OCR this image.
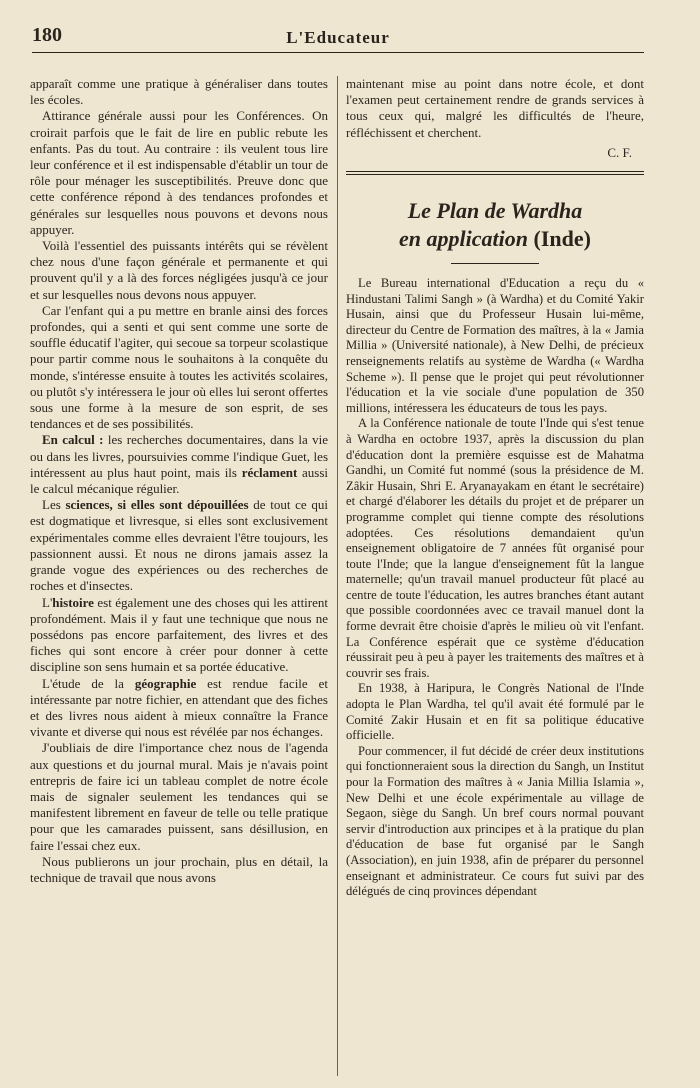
180	L'Educateur

apparaît comme une pratique à généraliser dans toutes les écoles.

Attirance générale aussi pour les Conférences. On croirait parfois que le fait de lire en public rebute les enfants. Pas du tout. Au contraire : ils veulent tous lire leur conférence et il est indispensable d'établir un tour de rôle pour ménager les susceptibilités. Preuve donc que cette conférence répond à des tendances profondes et générales sur lesquelles nous pouvons et devons nous appuyer.

Voilà l'essentiel des puissants intérêts qui se révèlent chez nous d'une façon générale et permanente et qui prouvent qu'il y a là des forces négligées jusqu'à ce jour et sur lesquelles nous devons nous appuyer.

Car l'enfant qui a pu mettre en branle ainsi des forces profondes, qui a senti et qui sent comme une sorte de souffle éducatif l'agiter, qui secoue sa torpeur scolastique pour partir comme nous le souhaitons à la conquête du monde, s'intéresse ensuite à toutes les activités scolaires, ou plutôt s'y intéressera le jour où elles lui seront offertes sous une forme à la mesure de son esprit, de ses tendances et de ses possibilités.

En calcul : les recherches documentaires, dans la vie ou dans les livres, poursuivies comme l'indique Guet, les intéressent au plus haut point, mais ils réclament aussi le calcul mécanique régulier.

Les sciences, si elles sont dépouillées de tout ce qui est dogmatique et livresque, si elles sont exclusivement expérimentales comme elles devraient l'être toujours, les passionnent aussi. Et nous ne dirons jamais assez la grande vogue des expériences ou des recherches de roches et d'insectes.

L'histoire est également une des choses qui les attirent profondément. Mais il y faut une technique que nous ne possédons pas encore parfaitement, des livres et des fiches qui sont encore à créer pour donner à cette discipline son sens humain et sa portée éducative.

L'étude de la géographie est rendue facile et intéressante par notre fichier, en attendant que des fiches et des livres nous aident à mieux connaître la France vivante et diverse qui nous est révélée par nos échanges.

J'oubliais de dire l'importance chez nous de l'agenda aux questions et du journal mural. Mais je n'avais point entrepris de faire ici un tableau complet de notre école mais de signaler seulement les tendances qui se manifestent librement en faveur de telle ou telle pratique pour que les camarades puissent, sans désillusion, en faire l'essai chez eux.

Nous publierons un jour prochain, plus en détail, la technique de travail que nous avons

maintenant mise au point dans notre école, et dont l'examen peut certainement rendre de grands services à tous ceux qui, malgré les difficultés de l'heure, réfléchissent et cherchent.

C. F.
Le Plan de Wardha
en application (Inde)

Le Bureau international d'Education a reçu du « Hindustani Talimi Sangh » (à Wardha) et du Comité Yakir Husain, ainsi que du Professeur Husain lui-même, directeur du Centre de Formation des maîtres, à la « Jamia Millia » (Université nationale), à New Delhi, de précieux renseignements relatifs au système de Wardha (« Wardha Scheme »). Il pense que le projet qui peut révolutionner l'éducation et la vie sociale d'une population de 350 millions, intéressera les éducateurs de tous les pays.

A la Conférence nationale de toute l'Inde qui s'est tenue à Wardha en octobre 1937, après la discussion du plan d'éducation dont la première esquisse est de Mahatma Gandhi, un Comité fut nommé (sous la présidence de M. Zâkir Husain, Shri E. Aryanayakam en étant le secrétaire) et chargé d'élaborer les détails du projet et de préparer un programme complet qui tienne compte des résolutions adoptées. Ces résolutions demandaient qu'un enseignement obligatoire de 7 années fût organisé pour toute l'Inde; que la langue d'enseignement fût la langue maternelle; qu'un travail manuel producteur fût placé au centre de toute l'éducation, les autres branches étant autant que possible coordonnées avec ce travail manuel dont la forme devrait être choisie d'après le milieu où vit l'enfant. La Conférence espérait que ce système d'éducation réussirait peu à peu à payer les traitements des maîtres et à couvrir ses frais.

En 1938, à Haripura, le Congrès National de l'Inde adopta le Plan Wardha, tel qu'il avait été formulé par le Comité Zakir Husain et en fit sa politique éducative officielle.

Pour commencer, il fut décidé de créer deux institutions qui fonctionneraient sous la direction du Sangh, un Institut pour la Formation des maîtres à « Jania Millia Islamia », New Delhi et une école expérimentale au village de Segaon, siège du Sangh. Un bref cours normal pouvant servir d'introduction aux principes et à la pratique du plan d'éducation de base fut organisé par le Sangh (Association), en juin 1938, afin de préparer du personnel enseignant et administrateur. Ce cours fut suivi par des délégués de cinq provinces dépendant
